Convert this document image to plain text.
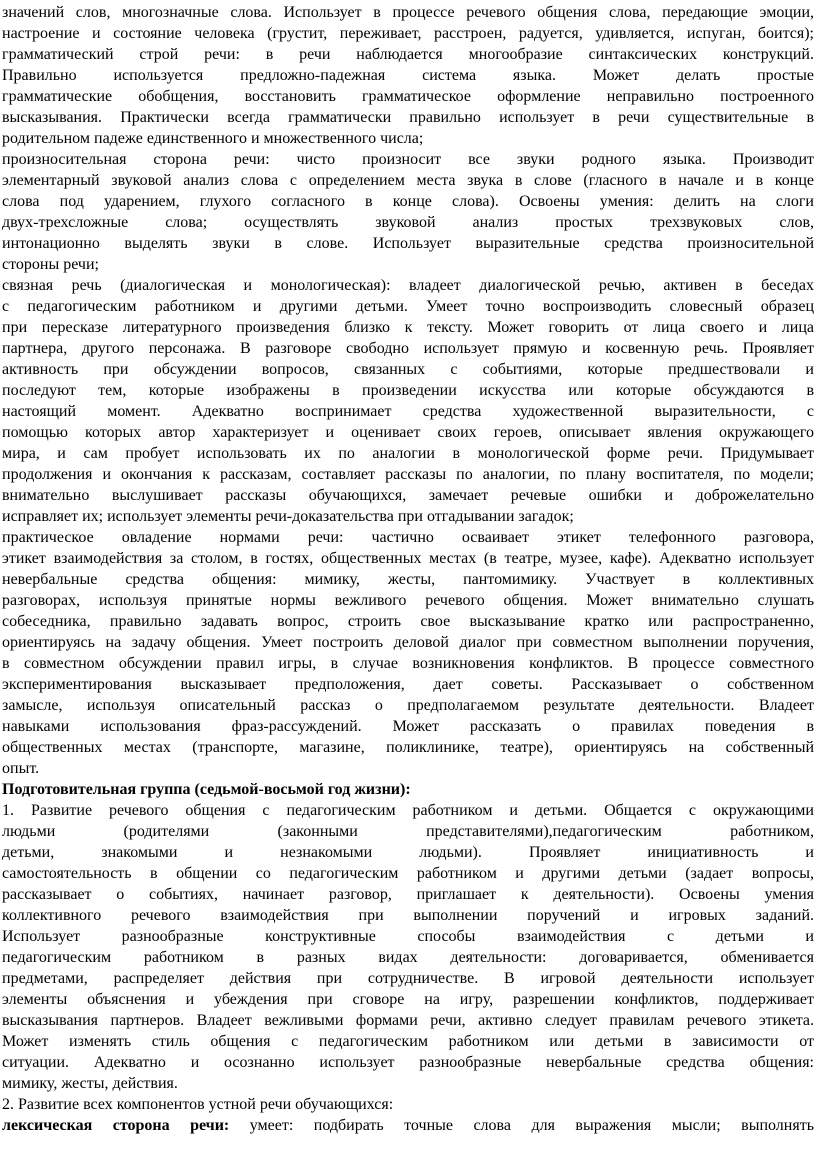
значений слов, многозначные слова. Использует в процессе речевого общения слова, передающие эмоции,
настроение и состояние человека (грустит, переживает, расстроен, радуется, удивляется, испуган, боится);
грамматический строй речи: в речи наблюдается многообразие синтаксических конструкций.
Правильно используется предложно-падежная система языка. Может делать простые
грамматические обобщения, восстановить грамматическое оформление неправильно построенного
высказывания. Практически всегда грамматически правильно использует в речи существительные в
родительном падеже единственного и множественного числа;
произносительная сторона речи: чисто произносит все звуки родного языка. Производит
элементарный звуковой анализ слова с определением места звука в слове (гласного в начале и в конце
слова под ударением, глухого согласного в конце слова). Освоены умения: делить на слоги
двух-трехсложные слова; осуществлять звуковой анализ простых трехзвуковых слов,
интонационно выделять звуки в слове. Использует выразительные средства произносительной
стороны речи;
связная речь (диалогическая и монологическая): владеет диалогической речью, активен в беседах
с педагогическим работником и другими детьми. Умеет точно воспроизводить словесный образец
при пересказе литературного произведения близко к тексту. Может говорить от лица своего и лица
партнера, другого персонажа. В разговоре свободно использует прямую и косвенную речь. Проявляет
активность при обсуждении вопросов, связанных с событиями, которые предшествовали и
последуют тем, которые изображены в произведении искусства или которые обсуждаются в
настоящий момент. Адекватно воспринимает средства художественной выразительности, с
помощью которых автор характеризует и оценивает своих героев, описывает явления окружающего
мира, и сам пробует использовать их по аналогии в монологической форме речи. Придумывает
продолжения и окончания к рассказам, составляет рассказы по аналогии, по плану воспитателя, по модели;
внимательно выслушивает рассказы обучающихся, замечает речевые ошибки и доброжелательно
исправляет их; использует элементы речи-доказательства при отгадывании загадок;
практическое овладение нормами речи: частично осваивает этикет телефонного разговора,
этикет взаимодействия за столом, в гостях, общественных местах (в театре, музее, кафе). Адекватно использует
невербальные средства общения: мимику, жесты, пантомимику. Участвует в коллективных
разговорах, используя принятые нормы вежливого речевого общения. Может внимательно слушать
собеседника, правильно задавать вопрос, строить свое высказывание кратко или распространенно,
ориентируясь на задачу общения. Умеет построить деловой диалог при совместном выполнении поручения,
в совместном обсуждении правил игры, в случае возникновения конфликтов. В процессе совместного
экспериментирования высказывает предположения, дает советы. Рассказывает о собственном
замысле, используя описательный рассказ о предполагаемом результате деятельности. Владеет
навыками использования фраз-рассуждений. Может рассказать о правилах поведения в
общественных местах (транспорте, магазине, поликлинике, театре), ориентируясь на собственный
опыт.
Подготовительная группа (седьмой-восьмой год жизни):
1. Развитие речевого общения с педагогическим работником и детьми. Общается с окружающими
людьми (родителями (законными представителями),педагогическим работником,
детьми, знакомыми и незнакомыми людьми). Проявляет инициативность и
самостоятельность в общении со педагогическим работником и другими детьми (задает вопросы,
рассказывает о событиях, начинает разговор, приглашает к деятельности). Освоены умения
коллективного речевого взаимодействия при выполнении поручений и игровых заданий.
Использует разнообразные конструктивные способы взаимодействия с детьми и
педагогическим работником в разных видах деятельности: договаривается, обменивается
предметами, распределяет действия при сотрудничестве. В игровой деятельности использует
элементы объяснения и убеждения при сговоре на игру, разрешении конфликтов, поддерживает
высказывания партнеров. Владеет вежливыми формами речи, активно следует правилам речевого этикета.
Может изменять стиль общения с педагогическим работником или детьми в зависимости от
ситуации. Адекватно и осознанно использует разнообразные невербальные средства общения:
мимику, жесты, действия.
2. Развитие всех компонентов устной речи обучающихся:
лексическая сторона речи: умеет: подбирать точные слова для выражения мысли; выполнять
